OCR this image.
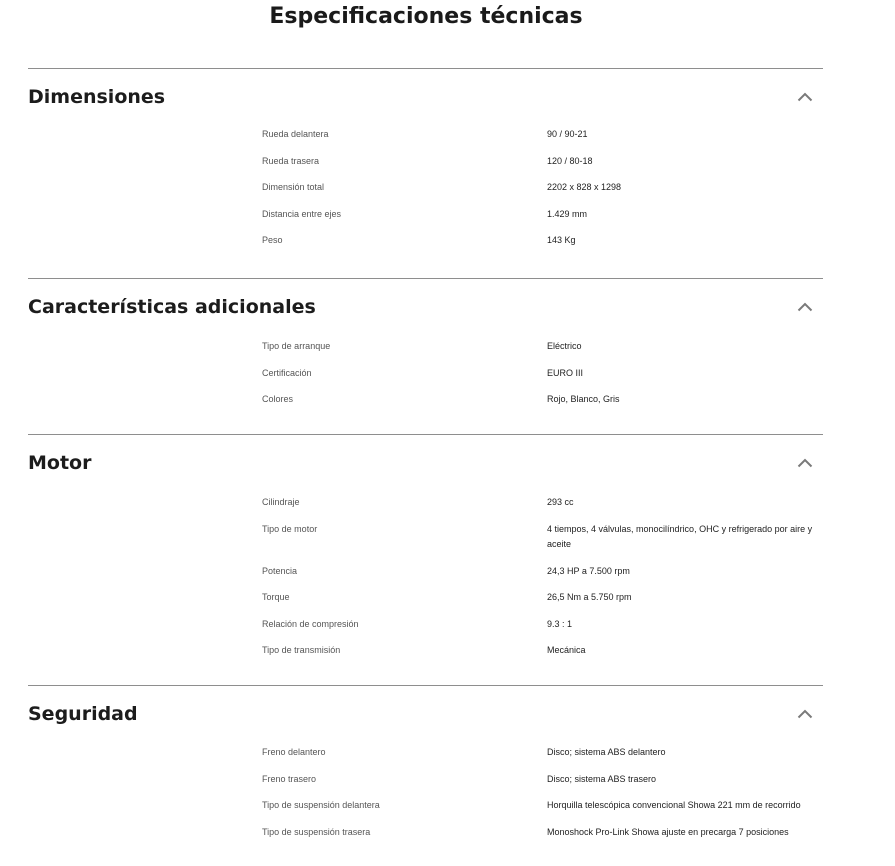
Especificaciones técnicas
Dimensiones
Rueda delantera	90 / 90-21
Rueda trasera	120 / 80-18
Dimensión total	2202 x 828 x 1298
Distancia entre ejes	1.429 mm
Peso	143 Kg
Características adicionales
Tipo de arranque	Eléctrico
Certificación	EURO III
Colores	Rojo, Blanco, Gris
Motor
Cilindraje	293 cc
Tipo de motor	4 tiempos, 4 válvulas, monocilíndrico, OHC y refrigerado por aire y aceite
Potencia	24,3 HP a 7.500 rpm
Torque	26,5 Nm a 5.750 rpm
Relación de compresión	9.3 : 1
Tipo de transmisión	Mecánica
Seguridad
Freno delantero	Disco; sistema ABS delantero
Freno trasero	Disco; sistema ABS trasero
Tipo de suspensión delantera	Horquilla telescópica convencional Showa 221 mm de recorrido
Tipo de suspensión trasera	Monoshock Pro-Link Showa ajuste en precarga 7 posiciones
